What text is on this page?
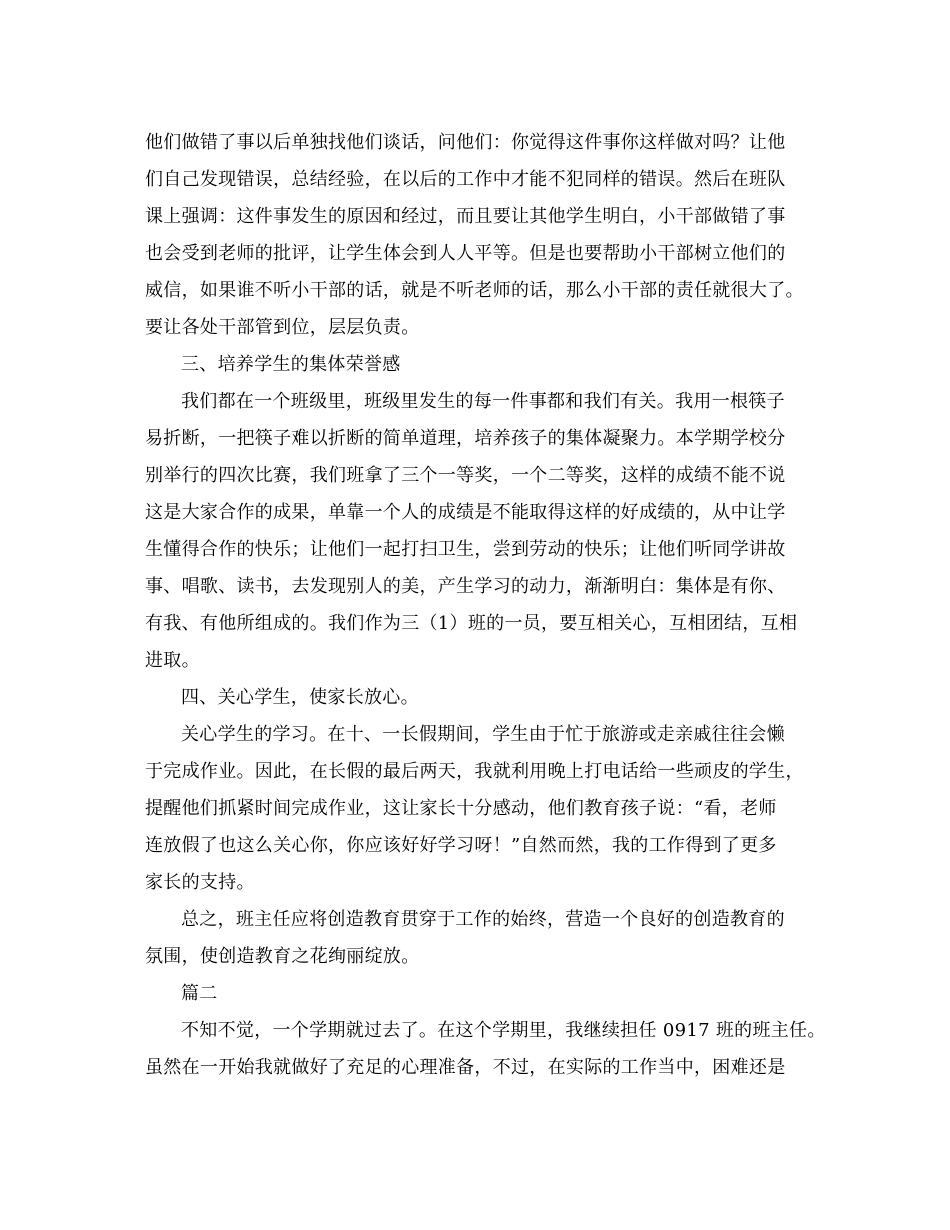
他们做错了事以后单独找他们谈话，问他们：你觉得这件事你这样做对吗？让他
们自己发现错误，总结经验，在以后的工作中才能不犯同样的错误。然后在班队
课上强调：这件事发生的原因和经过，而且要让其他学生明白，小干部做错了事
也会受到老师的批评，让学生体会到人人平等。但是也要帮助小干部树立他们的
威信，如果谁不听小干部的话，就是不听老师的话，那么小干部的责任就很大了。
要让各处干部管到位，层层负责。
三、培养学生的集体荣誉感
我们都在一个班级里，班级里发生的每一件事都和我们有关。我用一根筷子
易折断，一把筷子难以折断的简单道理，培养孩子的集体凝聚力。本学期学校分
别举行的四次比赛，我们班拿了三个一等奖，一个二等奖，这样的成绩不能不说
这是大家合作的成果，单靠一个人的成绩是不能取得这样的好成绩的，从中让学
生懂得合作的快乐；让他们一起打扫卫生，尝到劳动的快乐；让他们听同学讲故
事、唱歌、读书，去发现别人的美，产生学习的动力，渐渐明白：集体是有你、
有我、有他所组成的。我们作为三（1）班的一员，要互相关心，互相团结，互相
进取。
四、关心学生，使家长放心。
关心学生的学习。在十、一长假期间，学生由于忙于旅游或走亲戚往往会懒
于完成作业。因此，在长假的最后两天，我就利用晚上打电话给一些顽皮的学生，
提醒他们抓紧时间完成作业，这让家长十分感动，他们教育孩子说：“看，老师
连放假了也这么关心你，你应该好好学习呀！”自然而然，我的工作得到了更多
家长的支持。
总之，班主任应将创造教育贯穿于工作的始终，营造一个良好的创造教育的
氛围，使创造教育之花绚丽绽放。
篇二
不知不觉，一个学期就过去了。在这个学期里，我继续担任 0917 班的班主任。
虽然在一开始我就做好了充足的心理准备，不过，在实际的工作当中，困难还是
